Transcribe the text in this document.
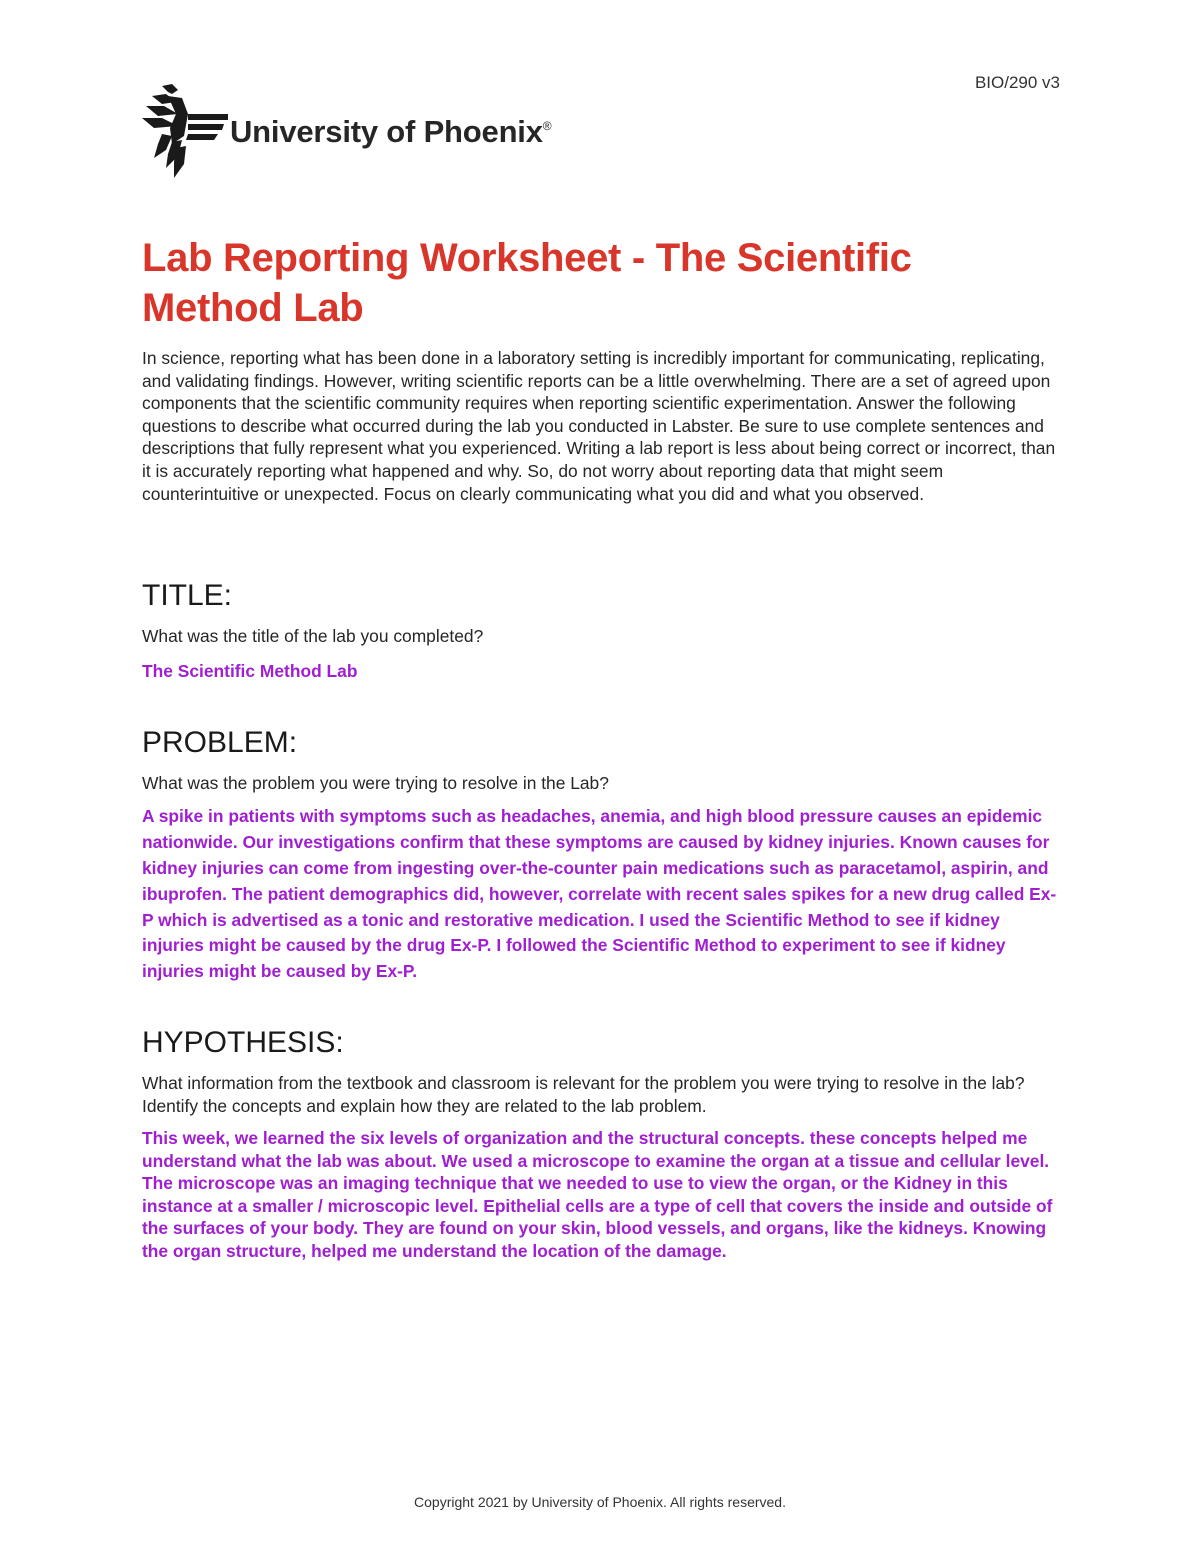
BIO/290 v3

University of Phoenix®

Lab Reporting Worksheet - The Scientific Method Lab

In science, reporting what has been done in a laboratory setting is incredibly important for communicating, replicating, and validating findings. However, writing scientific reports can be a little overwhelming. There are a set of agreed upon components that the scientific community requires when reporting scientific experimentation. Answer the following questions to describe what occurred during the lab you conducted in Labster. Be sure to use complete sentences and descriptions that fully represent what you experienced. Writing a lab report is less about being correct or incorrect, than it is accurately reporting what happened and why. So, do not worry about reporting data that might seem counterintuitive or unexpected. Focus on clearly communicating what you did and what you observed.

TITLE:

What was the title of the lab you completed?

The Scientific Method Lab

PROBLEM:

What was the problem you were trying to resolve in the Lab?

A spike in patients with symptoms such as headaches, anemia, and high blood pressure causes an epidemic nationwide. Our investigations confirm that these symptoms are caused by kidney injuries. Known causes for kidney injuries can come from ingesting over-the-counter pain medications such as paracetamol, aspirin, and ibuprofen. The patient demographics did, however, correlate with recent sales spikes for a new drug called Ex- P which is advertised as a tonic and restorative medication. I used the Scientific Method to see if kidney injuries might be caused by the drug Ex-P. I followed the Scientific Method to experiment to see if kidney injuries might be caused by Ex-P.

HYPOTHESIS:

What information from the textbook and classroom is relevant for the problem you were trying to resolve in the lab? Identify the concepts and explain how they are related to the lab problem.

This week, we learned the six levels of organization and the structural concepts. these concepts helped me understand what the lab was about. We used a microscope to examine the organ at a tissue and cellular level. The microscope was an imaging technique that we needed to use to view the organ, or the Kidney in this instance at a smaller / microscopic level. Epithelial cells are a type of cell that covers the inside and outside of the surfaces of your body. They are found on your skin, blood vessels, and organs, like the kidneys. Knowing the organ structure, helped me understand the location of the damage.

Copyright 2021 by University of Phoenix. All rights reserved.
